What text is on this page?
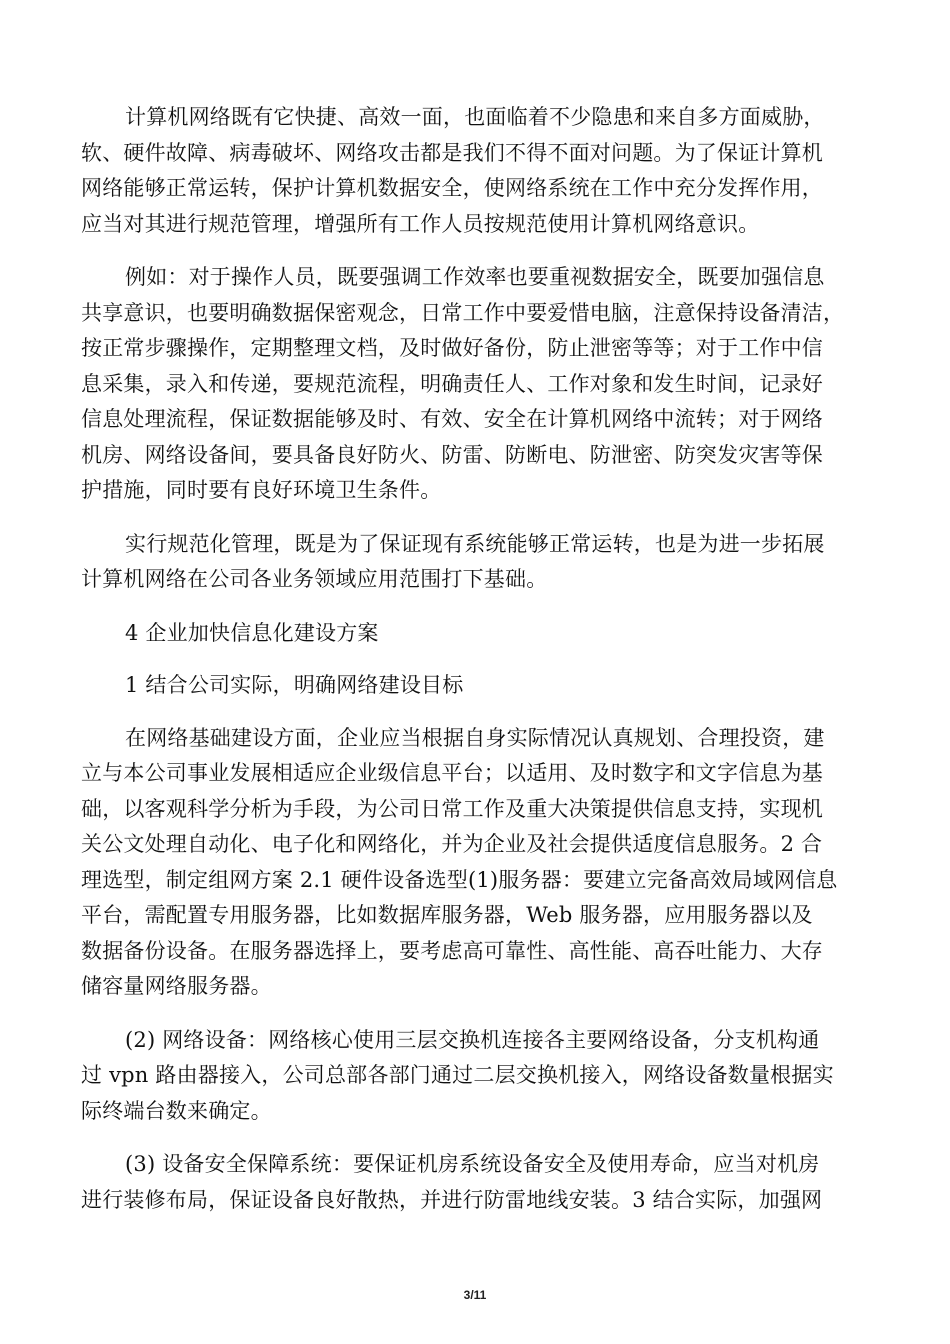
计算机网络既有它快捷、高效一面，也面临着不少隐患和来自多方面威胁，
软、硬件故障、病毒破坏、网络攻击都是我们不得不面对问题。为了保证计算机
网络能够正常运转，保护计算机数据安全，使网络系统在工作中充分发挥作用，
应当对其进行规范管理，增强所有工作人员按规范使用计算机网络意识。

例如：对于操作人员，既要强调工作效率也要重视数据安全，既要加强信息
共享意识，也要明确数据保密观念，日常工作中要爱惜电脑，注意保持设备清洁，
按正常步骤操作，定期整理文档，及时做好备份，防止泄密等等；对于工作中信
息采集，录入和传递，要规范流程，明确责任人、工作对象和发生时间，记录好
信息处理流程，保证数据能够及时、有效、安全在计算机网络中流转；对于网络
机房、网络设备间，要具备良好防火、防雷、防断电、防泄密、防突发灾害等保
护措施，同时要有良好环境卫生条件。

实行规范化管理，既是为了保证现有系统能够正常运转，也是为进一步拓展
计算机网络在公司各业务领域应用范围打下基础。

4 企业加快信息化建设方案

1 结合公司实际，明确网络建设目标

在网络基础建设方面，企业应当根据自身实际情况认真规划、合理投资，建
立与本公司事业发展相适应企业级信息平台；以适用、及时数字和文字信息为基
础，以客观科学分析为手段，为公司日常工作及重大决策提供信息支持，实现机
关公文处理自动化、电子化和网络化，并为企业及社会提供适度信息服务。2 合
理选型，制定组网方案 2.1 硬件设备选型(1)服务器：要建立完备高效局域网信息
平台，需配置专用服务器，比如数据库服务器，Web 服务器，应用服务器以及
数据备份设备。在服务器选择上，要考虑高可靠性、高性能、高吞吐能力、大存
储容量网络服务器。

(2) 网络设备：网络核心使用三层交换机连接各主要网络设备，分支机构通
过 vpn 路由器接入，公司总部各部门通过二层交换机接入，网络设备数量根据实
际终端台数来确定。

(3) 设备安全保障系统：要保证机房系统设备安全及使用寿命，应当对机房
进行装修布局，保证设备良好散热，并进行防雷地线安装。3 结合实际，加强网

3/11
